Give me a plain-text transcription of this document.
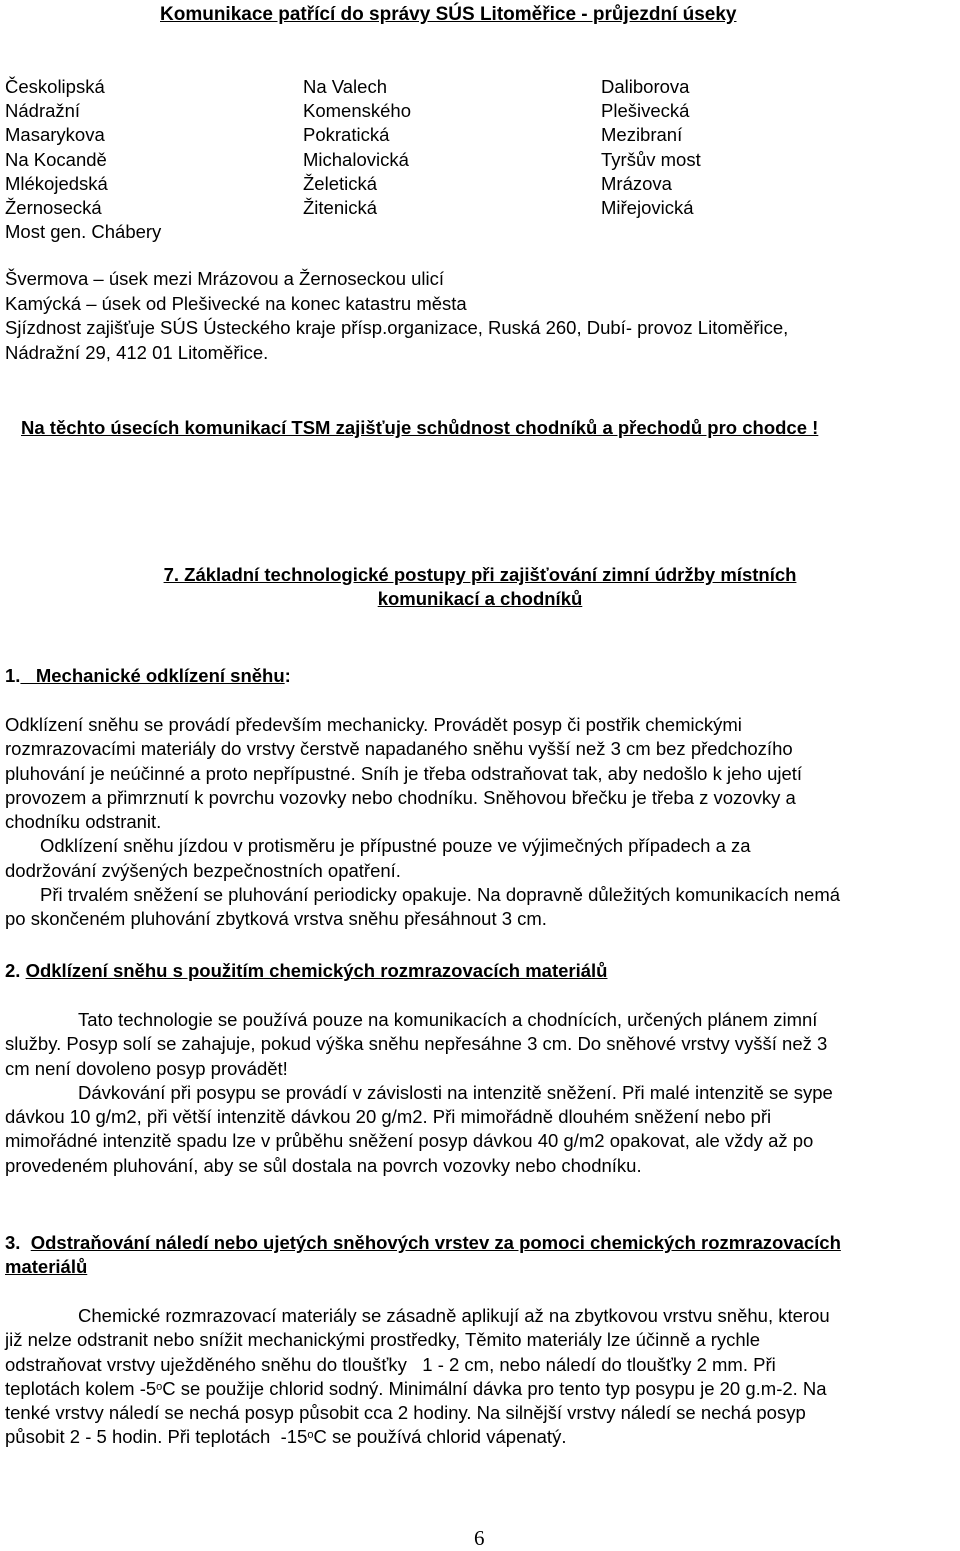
Komunikace patřící do správy SÚS Litoměřice - průjezdní úseky
Českolipská
Nádražní
Masarykova
Na Kocandě
Mlékojedská
Žernosecká
Most gen. Chábery
Na Valech
Komenského
Pokratická
Michalovická
Želetická
Žitenická
Daliborova
Plešivecká
Mezibraní
Tyršův most
Mrázova
Miřejovická
Švermova – úsek mezi Mrázovou a Žernoseckou ulicí
Kamýcká – úsek od Plešivecké na konec katastru města
Sjízdnost zajišťuje SÚS Ústeckého kraje přísp.organizace, Ruská 260, Dubí- provoz Litoměřice,
Nádražní 29, 412 01 Litoměřice.
Na těchto úsecích komunikací TSM zajišťuje schůdnost chodníků a přechodů pro chodce !
7. Základní technologické postupy při zajišťování zimní údržby místních
komunikací a chodníků
1.   Mechanické odklízení sněhu:
Odklízení sněhu se provádí především mechanicky. Provádět posyp či postřik chemickými
rozmrazovacími materiály do vrstvy čerstvě napadaného sněhu vyšší než 3 cm bez předchozího
pluhování je neúčinné a proto nepřípustné. Sníh je třeba odstraňovat tak, aby nedošlo k jeho ujetí
provozem a přimrznutí k povrchu vozovky nebo chodníku. Sněhovou břečku je třeba z vozovky a
chodníku odstranit.
Odklízení sněhu jízdou v protisměru je přípustné pouze ve výjimečných případech a za
dodržování zvýšených bezpečnostních opatření.
Při trvalém sněžení se pluhování periodicky opakuje. Na dopravně důležitých komunikacích nemá
po skončeném pluhování zbytková vrstva sněhu přesáhnout 3 cm.
2. Odklízení sněhu s použitím chemických rozmrazovacích materiálů
Tato technologie se používá pouze na komunikacích a chodnících, určených plánem zimní
služby. Posyp solí se zahajuje, pokud výška sněhu nepřesáhne 3 cm. Do sněhové vrstvy vyšší než 3
cm není dovoleno posyp provádět!
Dávkování při posypu se provádí v závislosti na intenzitě sněžení. Při malé intenzitě se sype
dávkou 10 g/m2, při větší intenzitě dávkou 20 g/m2. Při mimořádně dlouhém sněžení nebo při
mimořádné intenzitě spadu lze v průběhu sněžení posyp dávkou 40 g/m2 opakovat, ale vždy až po
provedeném pluhování, aby se sůl dostala na povrch vozovky nebo chodníku.
3. Odstraňování náledí nebo ujetých sněhových vrstev za pomoci chemických rozmrazovacích
materiálů
Chemické rozmrazovací materiály se zásadně aplikují až na zbytkovou vrstvu sněhu, kterou
již nelze odstranit nebo snížit mechanickými prostředky, Těmito materiály lze účinně a rychle
odstraňovat vrstvy uježděného sněhu do tloušťky   1 - 2 cm, nebo náledí do tloušťky 2 mm. Při
teplotách kolem -5$^o$C se použije chlorid sodný. Minimální dávka pro tento typ posypu je 20 g.m-2. Na
tenké vrstvy náledí se nechá posyp působit cca 2 hodiny. Na silnější vrstvy náledí se nechá posyp
působit 2 - 5 hodin. Při teplotách  -15$^o$C se používá chlorid vápenatý.
6
